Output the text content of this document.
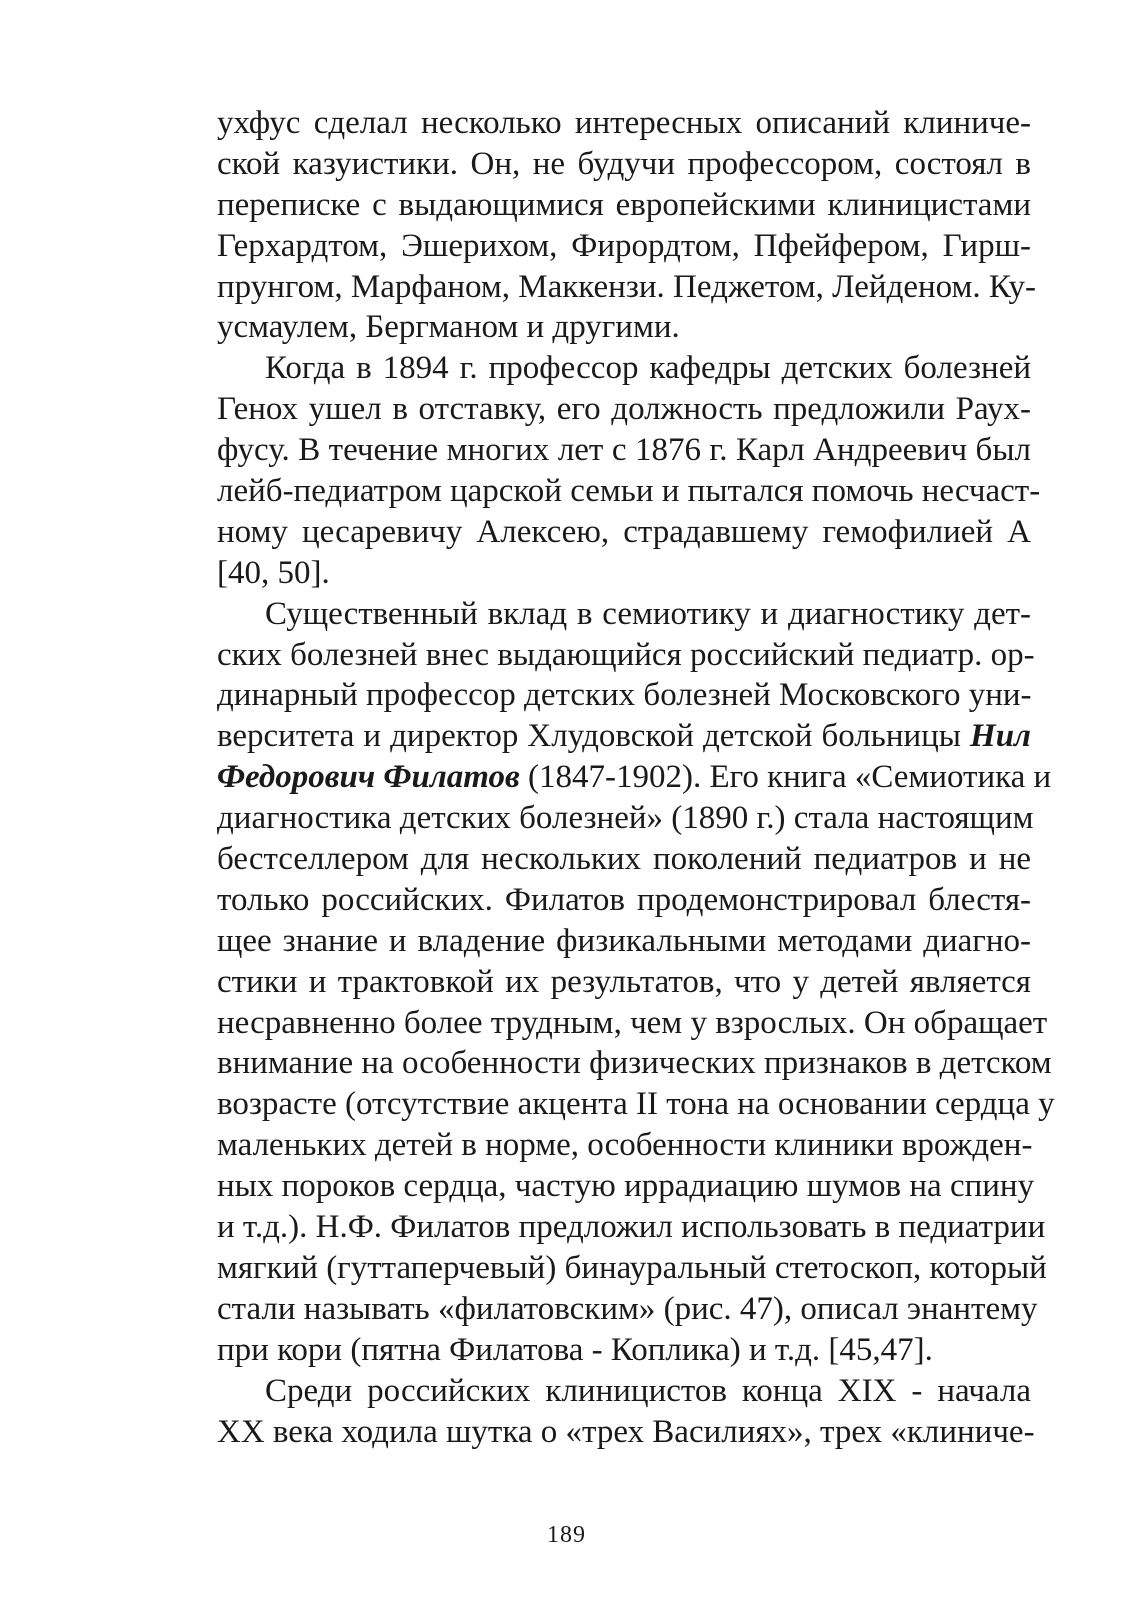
ухфус сделал несколько интересных описаний клиниче-
ской казуистики. Он, не будучи профессором, состоял в
переписке с выдающимися европейскими клиницистами
Герхардтом, Эшерихом, Фирордтом, Пфейфером, Гирш-
прунгом, Марфаном, Маккензи. Педжетом, Лейденом. Ку-
усмаулем, Бергманом и другими.
Когда в 1894 г. профессор кафедры детских болезней
Генох ушел в отставку, его должность предложили Раух-
фусу. В течение многих лет с 1876 г. Карл Андреевич был
лейб-педиатром царской семьи и пытался помочь несчаст-
ному цесаревичу Алексею, страдавшему гемофилией А
[40, 50].
Существенный вклад в семиотику и диагностику дет-
ских болезней внес выдающийся российский педиатр. ор-
динарный профессор детских болезней Московского уни-
верситета и директор Хлудовской детской больницы Нил
Федорович Филатов (1847-1902). Его книга «Семиотика и
диагностика детских болезней» (1890 г.) стала настоящим
бестселлером для нескольких поколений педиатров и не
только российских. Филатов продемонстрировал блестя-
щее знание и владение физикальными методами диагно-
стики и трактовкой их результатов, что у детей является
несравненно более трудным, чем у взрослых. Он обращает
внимание на особенности физических признаков в детском
возрасте (отсутствие акцента II тона на основании сердца у
маленьких детей в норме, особенности клиники врожден-
ных пороков сердца, частую иррадиацию шумов на спину
и т.д.). Н.Ф. Филатов предложил использовать в педиатрии
мягкий (гуттаперчевый) бинауральный стетоскоп, который
стали называть «филатовским» (рис. 47), описал энантему
при кори (пятна Филатова - Коплика) и т.д. [45,47].
Среди российских клиницистов конца XIX - начала
XX века ходила шутка о «трех Василиях», трех «клиниче-
189
